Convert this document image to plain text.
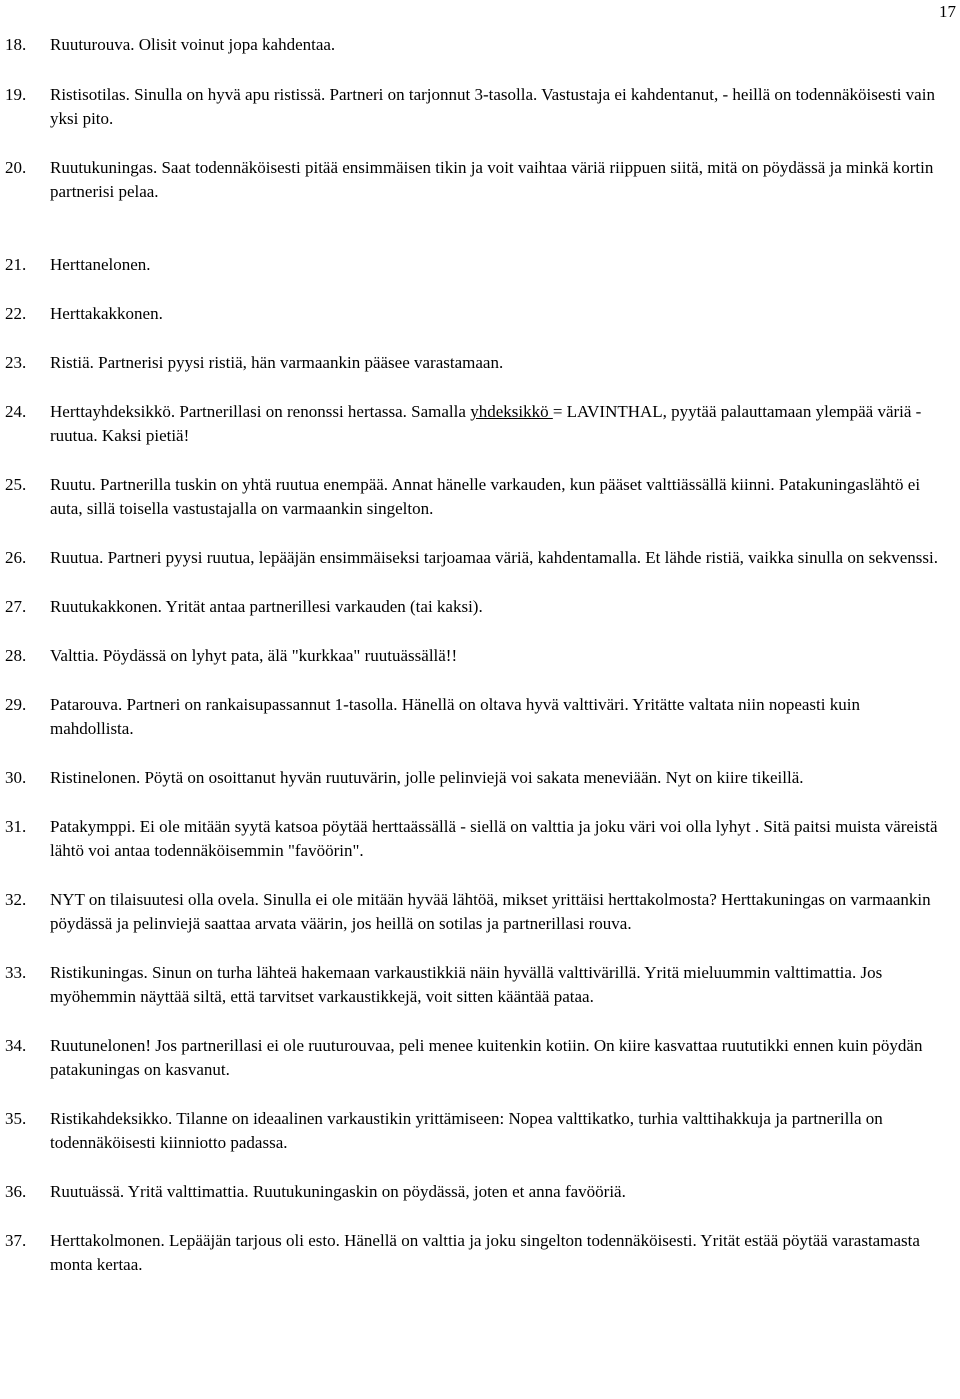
17
18. Ruuturouva. Olisit voinut jopa kahdentaa.
19. Ristisotilas. Sinulla on hyvä apu ristissä. Partneri on tarjonnut 3-tasolla. Vastustaja ei kahdentanut, - heillä on todennäköisesti vain yksi pito.
20. Ruutukuningas. Saat todennäköisesti pitää ensimmäisen tikin ja voit vaihtaa väriä riippuen siitä, mitä on pöydässä ja minkä kortin partnerisi pelaa.
21. Herttanelonen.
22. Herttakakkonen.
23. Ristiä. Partnerisi pyysi ristiä, hän varmaankin pääsee varastamaan.
24. Herttayhdeksikkö. Partnerillasi on renonssi hertassa. Samalla yhdeksikkö = LAVINTHAL, pyytää palauttamaan ylempää väriä - ruutua. Kaksi pietiä!
25. Ruutu. Partnerilla tuskin on yhtä ruutua enempää. Annat hänelle varkauden, kun pääset valttiässällä kiinni. Patakuningaslähtö ei auta, sillä toisella vastustajalla on varmaankin singelton.
26. Ruutua. Partneri pyysi ruutua, lepääjän ensimmäiseksi tarjoamaa väriä, kahdentamalla. Et lähde ristiä, vaikka sinulla on sekvenssi.
27. Ruutukakkonen. Yrität antaa partnerillesi varkauden (tai kaksi).
28. Valttia. Pöydässä on lyhyt pata, älä "kurkkaa" ruutuässällä!!
29. Patarouva. Partneri on rankaisupassannut 1-tasolla. Hänellä on oltava hyvä valttiväri. Yritätte valtata niin nopeasti kuin mahdollista.
30. Ristinelonen. Pöytä on osoittanut hyvän ruutuvärin, jolle pelinviejä voi sakata meneviään. Nyt on kiire tikeillä.
31. Patakymppi. Ei ole mitään syytä katsoa pöytää herttaässällä - siellä on valttia ja joku väri voi olla lyhyt . Sitä paitsi muista väreistä lähtö voi antaa todennäköisemmin "favöörin".
32. NYT on tilaisuutesi olla ovela. Sinulla ei ole mitään hyvää lähtöä, mikset yrittäisi herttakolmosta? Herttakuningas on varmaankin pöydässä ja pelinviejä saattaa arvata väärin, jos heillä on sotilas ja partnerillasi rouva.
33. Ristikuningas. Sinun on turha lähteä hakemaan varkaustikkiä näin hyvällä valttivärillä. Yritä mieluummin valttimattia. Jos myöhemmin näyttää siltä, että tarvitset varkaustikkejä, voit sitten kääntää pataa.
34. Ruutunelonen! Jos partnerillasi ei ole ruuturouvaa, peli menee kuitenkin kotiin. On kiire kasvattaa ruututikki ennen kuin pöydän patakuningas on kasvanut.
35. Ristikahdeksikko. Tilanne on ideaalinen varkaustikin yrittämiseen: Nopea valttikatko, turhia valttihakkuja ja partnerilla on todennäköisesti kiinniotto padassa.
36. Ruutuässä. Yritä valttimattia. Ruutukuningaskin on pöydässä, joten et anna favööriä.
37. Herttakolmonen. Lepääjän tarjous oli esto. Hänellä on valttia ja joku singelton todennäköisesti. Yrität estää pöytää varastamasta monta kertaa.
